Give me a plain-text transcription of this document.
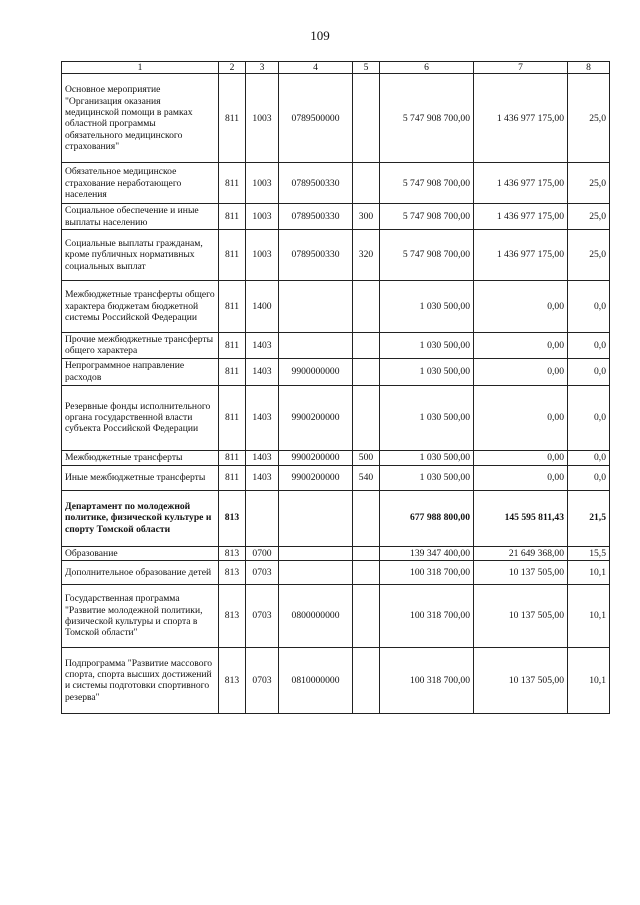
109
1	2	3	4	5	6	7	8
Основное мероприятие "Организация оказания медицинской помощи в рамках областной программы обязательного медицинского страхования"	811	1003	0789500000		5 747 908 700,00	1 436 977 175,00	25,0
Обязательное медицинское страхование неработающего населения	811	1003	0789500330		5 747 908 700,00	1 436 977 175,00	25,0
Социальное обеспечение и иные выплаты населению	811	1003	0789500330	300	5 747 908 700,00	1 436 977 175,00	25,0
Социальные выплаты гражданам, кроме публичных нормативных социальных выплат	811	1003	0789500330	320	5 747 908 700,00	1 436 977 175,00	25,0
Межбюджетные трансферты общего характера бюджетам бюджетной системы Российской Федерации	811	1400			1 030 500,00	0,00	0,0
Прочие межбюджетные трансферты общего характера	811	1403			1 030 500,00	0,00	0,0
Непрограммное направление расходов	811	1403	9900000000		1 030 500,00	0,00	0,0
Резервные фонды исполнительного органа государственной власти субъекта Российской Федерации	811	1403	9900200000		1 030 500,00	0,00	0,0
Межбюджетные трансферты	811	1403	9900200000	500	1 030 500,00	0,00	0,0
Иные межбюджетные трансферты	811	1403	9900200000	540	1 030 500,00	0,00	0,0
Департамент по молодежной политике, физической культуре и спорту Томской области	813				677 988 800,00	145 595 811,43	21,5
Образование	813	0700			139 347 400,00	21 649 368,00	15,5
Дополнительное образование детей	813	0703			100 318 700,00	10 137 505,00	10,1
Государственная программа "Развитие молодежной политики, физической культуры и спорта в Томской области"	813	0703	0800000000		100 318 700,00	10 137 505,00	10,1
Подпрограмма "Развитие массового спорта, спорта высших достижений и системы подготовки спортивного резерва"	813	0703	0810000000		100 318 700,00	10 137 505,00	10,1
